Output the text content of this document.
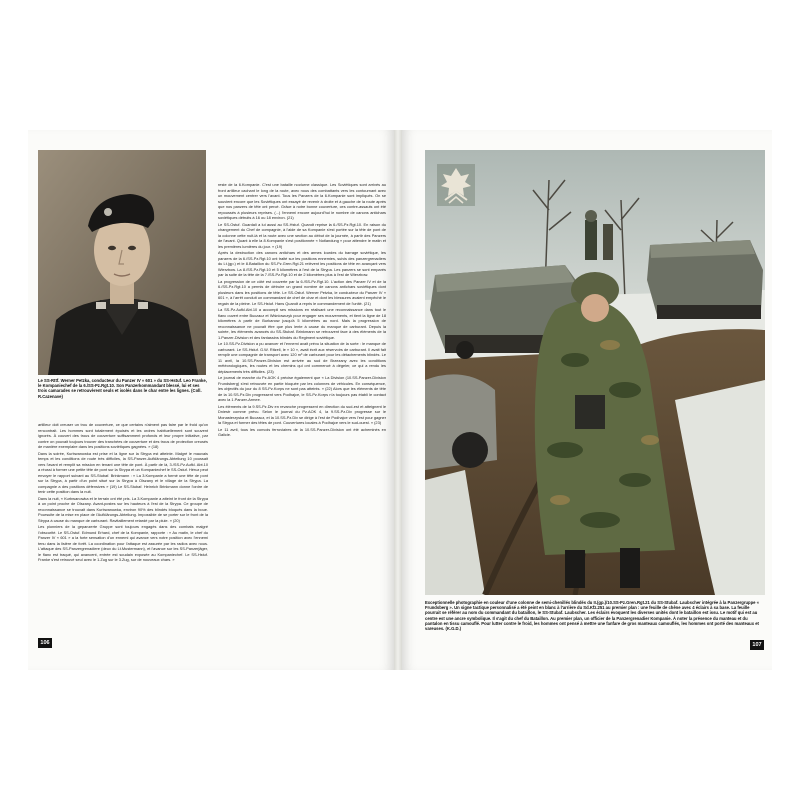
Le SS-Rttf. Werner Petzka, conducteur du Panzer IV « 601 » du SS-Hstuf. Leo Franke, le Kompaniechef de la 6./SS-Pz.Rgt.10. Son Panzerkommandant blessé, lui et ses trois camarades se retrouvèrent seuls et isolés dans le char entre les lignes. (Coll. R.Cazenave)

artilleur doit creuser un trou de couverture, ce que certains n'aiment pas faire par le froid qu'on rencontrait. Les hommes sont totalement épuisés et les ordres habituellement sont souvent ignorés. À couvert des trous de couverture suffisamment profonds et leur propre initiative, par contre on pouvait toujours trouver des tranchées de couverture et des trous de protection creusés de manière exemplaire dans les positions soviétiques gagnées. » (18)

Dans la soirée, Kurbwanowka est prise et la ligne sur la Strypa est atteinte. Malgré le mauvais temps et les conditions de route très difficiles, la SS-Panzer-Aufklärungs-Abteilung 10 poussait vers l'avant et remplit sa mission en tenant une tête de pont. À partir de là, 3./SS-Pz.Aufkl. Abt.10 a réussi à former une petite tête de pont sur la Strypa et un Kompaniechef le SS-Ostuf. Héruz peut envoyer le rapport suivant au SS-Stubaf. Brinkmann : « La 3.Kompanie a formé une tête de pont sur la Strypa, à partir d'un point situé sur la Strypa à Olszany et le village de la Strypa. La compagnie a des positions défensives » (19) Le SS-Stubaf. Heinrich Brinkmann donne l'ordre de tenir cette position dans la nuit.

Dans la nuit, « Kurbwanowka et le terrain ont été pris. La 3.Kompanie a atteint le front de la Strypa à un point proche de Olszany. Avant-postes sur les hauteurs à l'est de la Strypa. Ce groupe de reconnaissance se trouvait dans Kurbwanowka, environ 90% des blindés bloqués dans la boue. Poursuite de la mise en place de l'Aufklärungs-Abteilung. Impossible de se porter sur le front de la Strypa à cause du manque de carburant. Ravitaillement retardé par la pluie. » (20)

Les pionniers de la gepanzerte Gruppe sont toujours engagés dans des combats malgré l'obscurité. Le SS-Ostuf. Edmund Erhard, chef de la Kompanie, rapporte : « Au matin, le chef du Panzer IV « 601 » a la forte sensation d'un ennemi qui avance vers notre position avec l'ennemi tenu dans la lisière de forêt. La coordination pour l'attaque est assurée par les radios avec nous. L'attaque des SS-Panzergrenadiere (deux du Lt.Mustermann), et l'avance sur les SS-Panzerjäger, le flanc est traqué, qui avancent, entrée est soudain exposée au Kompaniechef. Le SS-Hstuf. Franke s'est retrouvé seul avec le 1.Zug sur le 3.Zug, sur de nouveaux chars. »

reste de la 6.Kompanie. C'est une bataille nocturne classique. Les Soviétiques sont arrivés au front artilleur cachant le long de la route, avec nous des combattants vers les contournant avec un mouvement centrer vers l'avant. Tous les Panzers de la 6.Kompanie sont impliqués. On se souvient encore que les Soviétiques ont essayé de revenir à droite et à gauche de la route après que nos panzers de tête ont percé. Grâce à notre bonne couverture, ces contre-assauts ont été repoussés à plusieurs reprises. (...) l'ennemi encore aujourd'hui le nombre de canons antichars soviétiques détruits à 16 ou 18 environ. (21)

Le SS-Ostuf. Guardali a lui aussi au SS-Hstuf. Quandt reprise la 6./SS-Pz.Rgt.10. En raison du changement du Chef de compagnie, à l'aide de sa Kompanie s'est portée sur la tête de pont de la colonne cette nuit-là et la route avec une section au début de la journée, à partir des Panzers de l'avant. Quant à elle la 8.Kompanie s'est positionnée « Notlandung » pour attendre le matin et les premières lumières du jour. » (19)

Après la destruction des canons antichars et des armes lourdes du barrage soviétique, les panzers de la 6./SS-Pz.Rgt.10 ont traité sur les positions ennemies, suivis des panzergrenadiers du Lt.(gp.) et le 8.Bataillon du SS-Pz.Gren.Rgt.21 relèvent les positions de tête en avançant vers Wierzbow. La 8./SS-Pz.Rgt.10 et 5 kilomètres à l'est de la Strypa. Les panzers se sont emparés par la suite de la tête de la 7./SS-Pz.Rgt.10 et de 2 kilomètres plus à l'est de Wierzbow.

La progression de ce côté est couverte par la 6./SS-Pz.Rgt.10. L'action des Panzer IV et de la 6./SS-Pz.Rgt.10 a permis de détruire un grand nombre de canons antichars soviétiques dont plusieurs dans les positions de tête. Le SS-Ostuf. Werner Petzka, le conducteur du Panzer IV « 601 », à l'arrêt conduit un commandant de chef de char et dont les blessures avaient empêché le regain de la pleine. Le SS-Hstuf. Hans Quandt a repris le commandement de l'unité. (21)

La SS-Pz.Aufkl.Abt.10 a accompli ses missions en réalisant une reconnaissance dans tout le flanc ouvert entre Buczacz et Wiśniowczyk pour engager ses mouvements, et tient la ligne de 18 kilomètres à partir de Burkanow jusqu'à 5 kilomètres au nord. Mais la progression de reconnaissance ne pouvait être que plus lente à cause du manque de carburant. Depuis la soirée, les éléments avancés du SS-Stubaf. Brinkmann se retrouvent face à des éléments de la 1.Panzer-Division et des fantassins blindés du Regiment soviétique.

Le 10.SS-Pz.Division a pu avancer et l'ennemi avait prévu la situation de la sorte : le manque de carburant. Le SS-Hstuf. G.W. Ritzell, le « 10 », avait écrit aux réservoirs de carburant. Il avait fait remplir une compagnie de transport avec 120 m³ de carburant pour les détachements blindés. Le 11 avril, la 10.SS-Panzer-Division est arrivée au sud de Brzezany avec les conditions météorologiques, les routes et les chemins qui ont commencé à dégeler, ce qui a rendu les déplacements très difficiles. (23)

Le journal de marche du Pz.AOK 4 précise également que « La Division (10.SS-Panzer-Division Frundsberg) s'est retrouvée en partie bloquée par les colonnes de véhicules. En conséquence, les objectifs du jour du 8 SS-Pz.Korps ne sont pas atteints. » (22) Alors que les éléments de tête de la 10.SS-Pz.Div progressent vers Podhajce, le SS-Pz.Korps n'a toujours pas établi le contact avec la 1.Panzer-Armee.

Les éléments de la 9.SS-Pz.Div en revanche progressent en direction du sud-est et atteignent le Dniestr comme prévu. Selon le journal du Pz.AOK 4, la 9.SS-Pz.Div progresse sur le Monasterzyska et Buczacz, et la 10.SS-Pz.Div se dirige à l'est de Podhajce vers l'est pour gagner la Strypa et former des têtes de pont. Couvertures locales à Podhajce vers le sud-ouest. » (23)

Le 11 avril, tous les convois ferroviaires de la 10.SS-Panzer-Division ont été acheminés en Galicie.

106
Exceptionnelle photographie en couleur d'une colonne de semi-chenillés blindés du II.(gp.)/10.SS-Pz.Gren.Rgt.21 du SS-Stubaf. Laubscher intégrée à la Panzergruppe « Frundsberg ». Un signe tactique personnalisé a été peint en blanc à l'arrière du Sd.Kfz.251 au premier plan : une feuille de chêne avec 4 éclairs à sa base. La feuille pourrait se référer au nom du commandant du bataillon, le SS-Stubaf. Laubscher. Les éclairs évoquent les diverses unités dont le bataillon est issu. Le motif qui est au centre est une ancre symbolique. Il s'agit du chef du Bataillon. Au premier plan, un officier de la Panzergrenadier Kompanie. À noter la présence du manteau et du pantalon en tissu camouflé. Pour lutter contre le froid, les hommes ont pensé à mettre une fanfare de gros manteaux camouflés, les hommes ont porté des manteaux et vareuses. (K.G.D.)
107
